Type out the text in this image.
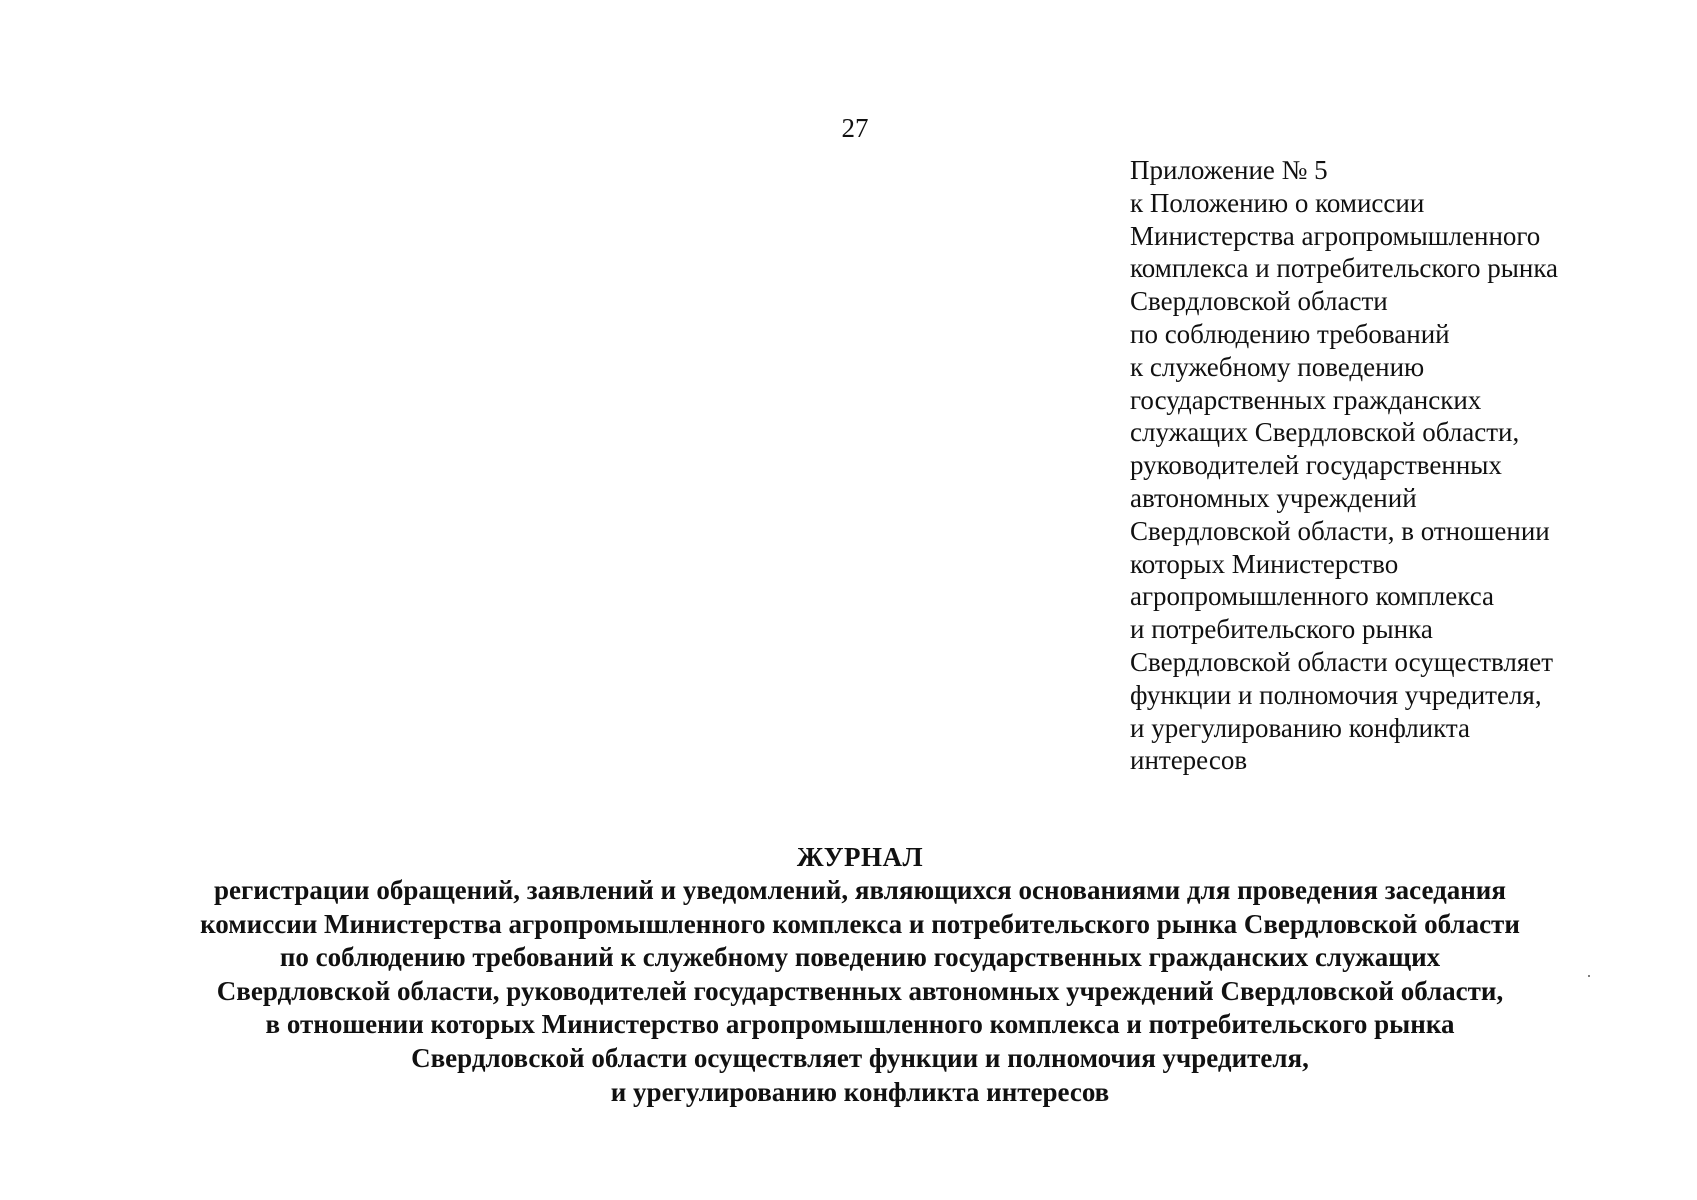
27
Приложение № 5
к Положению о комиссии
Министерства агропромышленного
комплекса и потребительского рынка
Свердловской области
по соблюдению требований
к служебному поведению
государственных гражданских
служащих Свердловской области,
руководителей государственных
автономных учреждений
Свердловской области, в отношении
которых Министерство
агропромышленного комплекса
и потребительского рынка
Свердловской области осуществляет
функции и полномочия учредителя,
и урегулированию конфликта
интересов
ЖУРНАЛ
регистрации обращений, заявлений и уведомлений, являющихся основаниями для проведения заседания
комиссии Министерства агропромышленного комплекса и потребительского рынка Свердловской области
по соблюдению требований к служебному поведению государственных гражданских служащих
Свердловской области, руководителей государственных автономных учреждений Свердловской области,
в отношении которых Министерство агропромышленного комплекса и потребительского рынка
Свердловской области осуществляет функции и полномочия учредителя,
и урегулированию конфликта интересов
